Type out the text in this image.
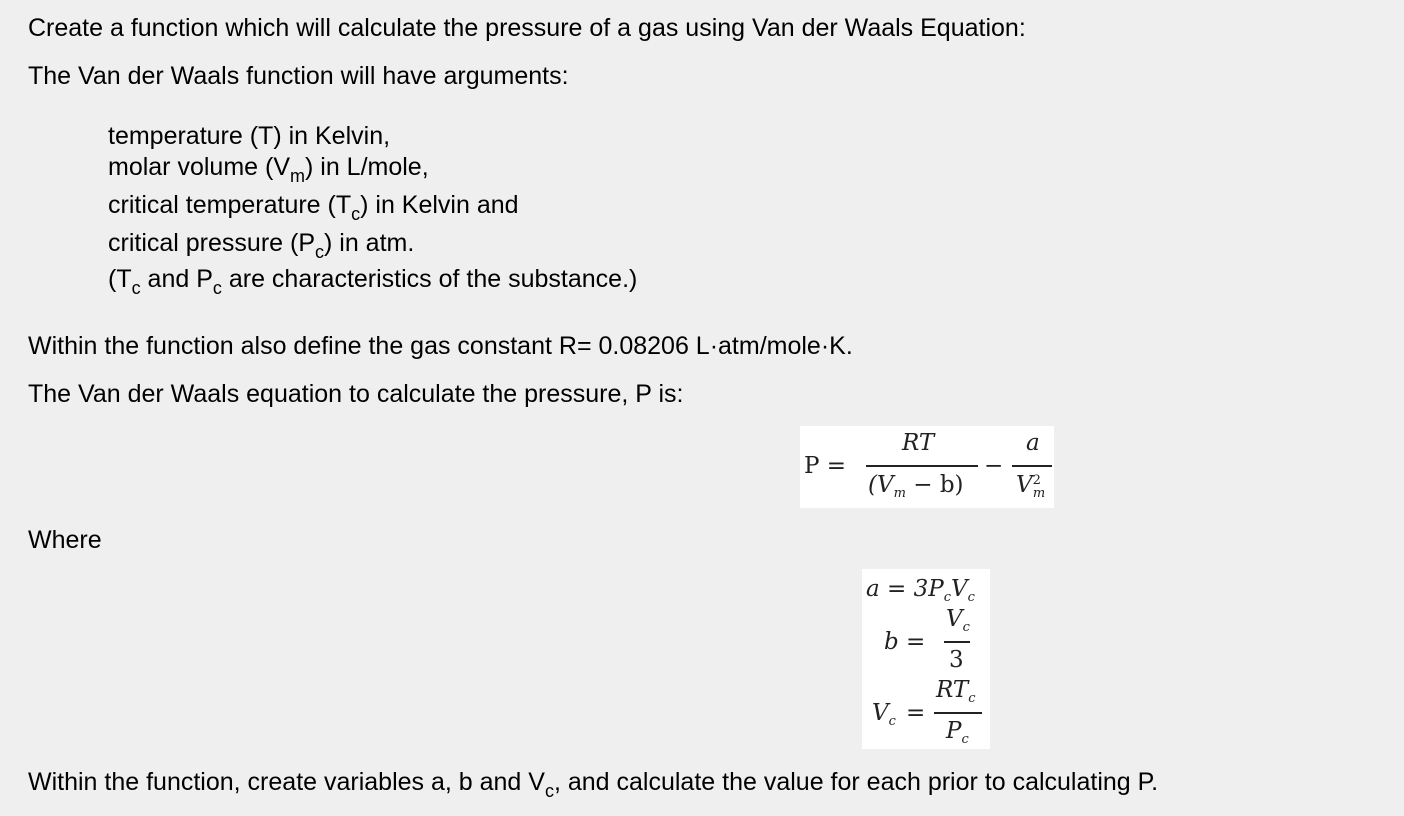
Create a function which will calculate the pressure of a gas using Van der Waals Equation:
The Van der Waals function will have arguments:
temperature (T) in Kelvin,
molar volume $(V_m)$ in L/mole,
critical temperature $(T_c)$ in Kelvin and
critical pressure $(P_c)$ in atm.
($T_c$ and $P_c$ are characteristics of the substance.)
Within the function also define the gas constant R= 0.08206 L·atm/mole·K.
The Van der Waals equation to calculate the pressure, P is:
P =
RT
$(V_m - b)$
−
a
$V^2_m$
Where
$a = 3P_cV_c$
b =
$V_c$
3
$V_c$ =
$RT_c$
$P_c$
Within the function, create variables a, b and $V_c$, and calculate the value for each prior to calculating P.
